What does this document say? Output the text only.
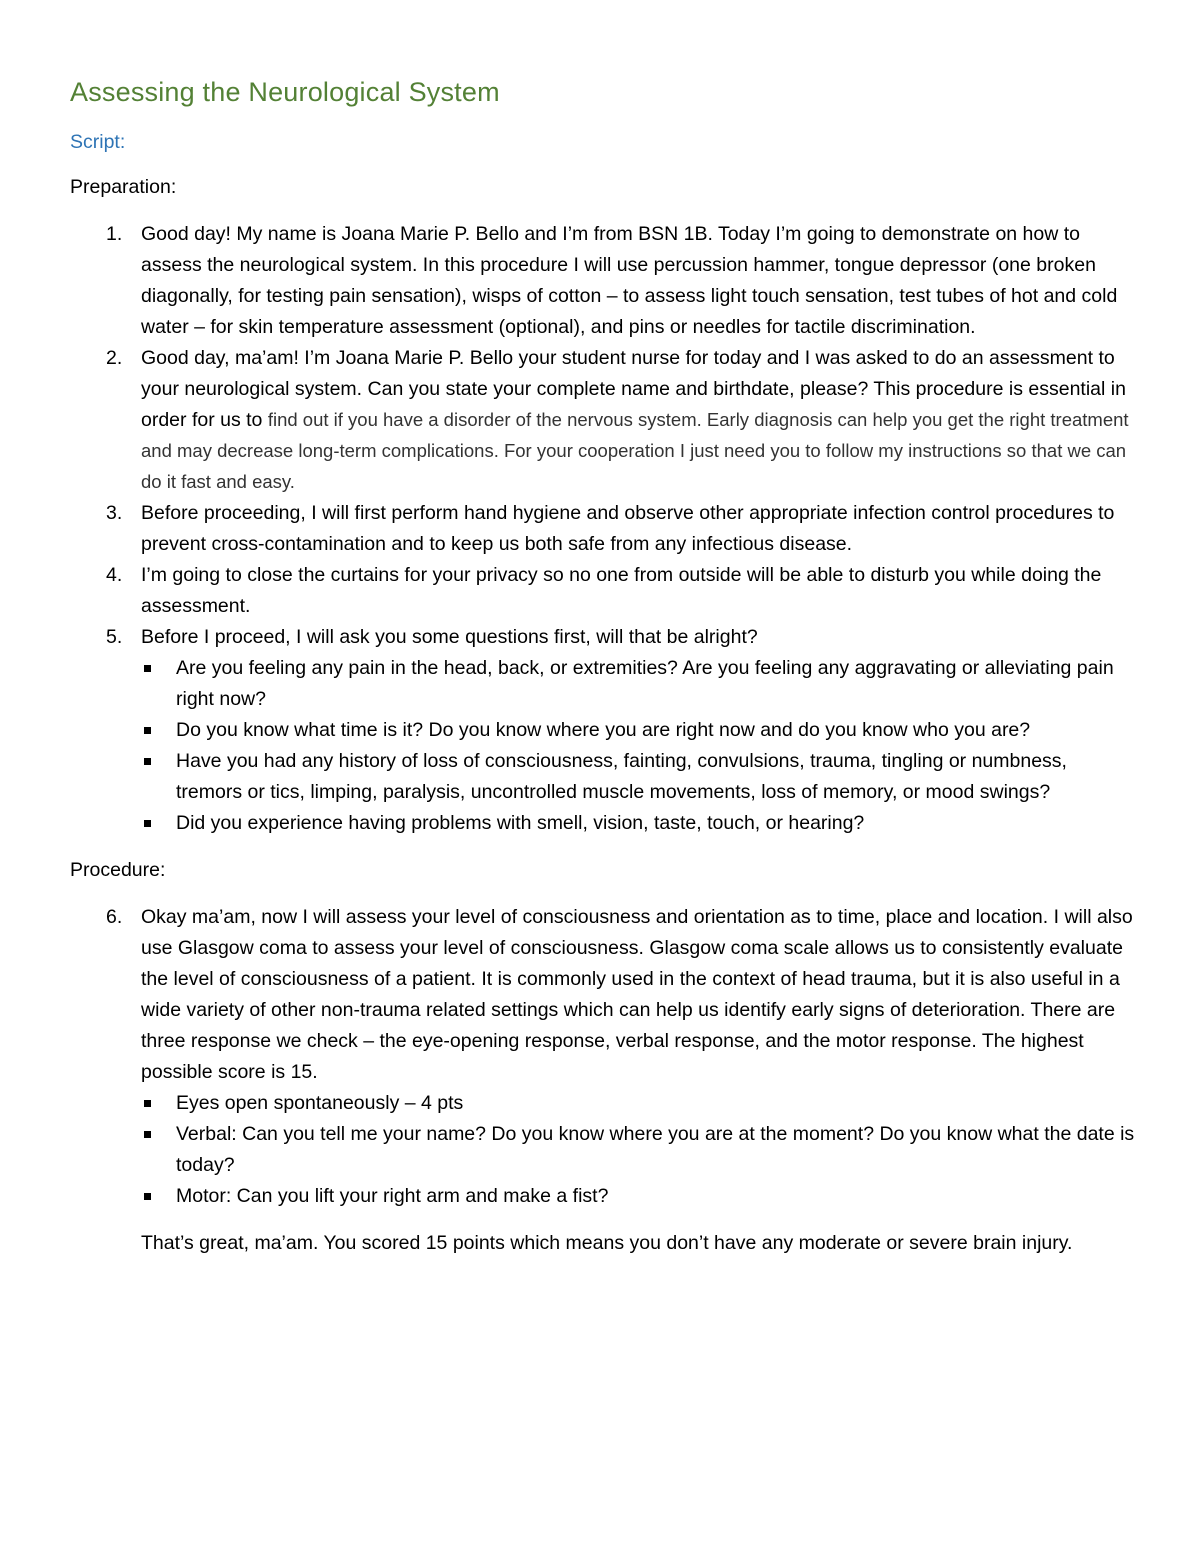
Assessing the Neurological System
Script:
Preparation:
1. Good day! My name is Joana Marie P. Bello and I’m from BSN 1B. Today I’m going to demonstrate on how to assess the neurological system. In this procedure I will use percussion hammer, tongue depressor (one broken diagonally, for testing pain sensation), wisps of cotton – to assess light touch sensation, test tubes of hot and cold water – for skin temperature assessment (optional), and pins or needles for tactile discrimination.
2. Good day, ma’am! I’m Joana Marie P. Bello your student nurse for today and I was asked to do an assessment to your neurological system. Can you state your complete name and birthdate, please? This procedure is essential in order for us to find out if you have a disorder of the nervous system. Early diagnosis can help you get the right treatment and may decrease long-term complications. For your cooperation I just need you to follow my instructions so that we can do it fast and easy.
3. Before proceeding, I will first perform hand hygiene and observe other appropriate infection control procedures to prevent cross-contamination and to keep us both safe from any infectious disease.
4. I’m going to close the curtains for your privacy so no one from outside will be able to disturb you while doing the assessment.
5. Before I proceed, I will ask you some questions first, will that be alright?
Are you feeling any pain in the head, back, or extremities? Are you feeling any aggravating or alleviating pain right now?
Do you know what time is it? Do you know where you are right now and do you know who you are?
Have you had any history of loss of consciousness, fainting, convulsions, trauma, tingling or numbness, tremors or tics, limping, paralysis, uncontrolled muscle movements, loss of memory, or mood swings?
Did you experience having problems with smell, vision, taste, touch, or hearing?
Procedure:
6. Okay ma’am, now I will assess your level of consciousness and orientation as to time, place and location. I will also use Glasgow coma to assess your level of consciousness. Glasgow coma scale allows us to consistently evaluate the level of consciousness of a patient. It is commonly used in the context of head trauma, but it is also useful in a wide variety of other non-trauma related settings which can help us identify early signs of deterioration. There are three response we check – the eye-opening response, verbal response, and the motor response. The highest possible score is 15.
Eyes open spontaneously – 4 pts
Verbal: Can you tell me your name? Do you know where you are at the moment? Do you know what the date is today?
Motor: Can you lift your right arm and make a fist?

That’s great, ma’am. You scored 15 points which means you don’t have any moderate or severe brain injury.
